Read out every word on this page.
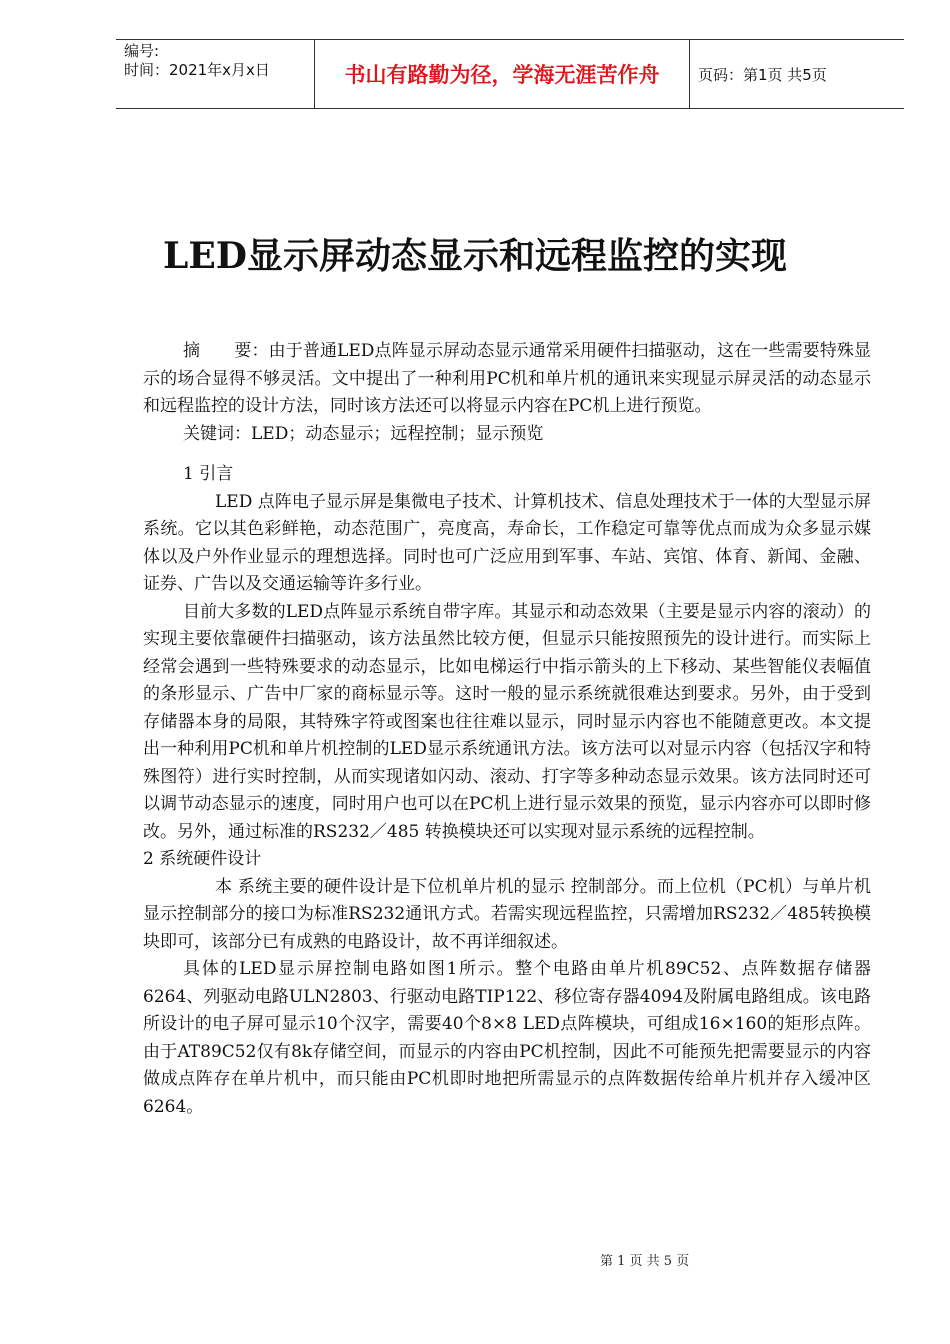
编号:
时间：2021年x月x日	书山有路勤为径，学海无涯苦作舟	页码：第1页 共5页
LED显示屏动态显示和远程监控的实现

摘　　要：由于普通LED点阵显示屏动态显示通常采用硬件扫描驱动，这在一些需要特殊显示的场合显得不够灵活。文中提出了一种利用PC机和单片机的通讯来实现显示屏灵活的动态显示和远程监控的设计方法，同时该方法还可以将显示内容在PC机上进行预览。

关键词：LED；动态显示；远程控制；显示预览

1 引言

LED 点阵电子显示屏是集微电子技术、计算机技术、信息处理技术于一体的大型显示屏系统。它以其色彩鲜艳，动态范围广，亮度高，寿命长，工作稳定可靠等优点而成为众多显示媒体以及户外作业显示的理想选择。同时也可广泛应用到军事、车站、宾馆、体育、新闻、金融、证券、广告以及交通运输等许多行业。

目前大多数的LED点阵显示系统自带字库。其显示和动态效果（主要是显示内容的滚动）的实现主要依靠硬件扫描驱动，该方法虽然比较方便，但显示只能按照预先的设计进行。而实际上经常会遇到一些特殊要求的动态显示，比如电梯运行中指示箭头的上下移动、某些智能仪表幅值的条形显示、广告中厂家的商标显示等。这时一般的显示系统就很难达到要求。另外，由于受到存储器本身的局限，其特殊字符或图案也往往难以显示，同时显示内容也不能随意更改。本文提出一种利用PC机和单片机控制的LED显示系统通讯方法。该方法可以对显示内容（包括汉字和特殊图符）进行实时控制，从而实现诸如闪动、滚动、打字等多种动态显示效果。该方法同时还可以调节动态显示的速度，同时用户也可以在PC机上进行显示效果的预览，显示内容亦可以即时修改。另外，通过标准的RS232／485 转换模块还可以实现对显示系统的远程控制。

2 系统硬件设计

本 系统主要的硬件设计是下位机单片机的显示 控制部分。而上位机（PC机）与单片机显示控制部分的接口为标准RS232通讯方式。若需实现远程监控，只需增加RS232／485转换模块即可，该部分已有成熟的电路设计，故不再详细叙述。

具体的LED显示屏控制电路如图1所示。整个电路由单片机89C52、点阵数据存储器6264、列驱动电路ULN2803、行驱动电路TIP122、移位寄存器4094及附属电路组成。该电路所设计的电子屏可显示10个汉字，需要40个8×8 LED点阵模块，可组成16×160的矩形点阵。由于AT89C52仅有8k存储空间，而显示的内容由PC机控制，因此不可能预先把需要显示的内容做成点阵存在单片机中，而只能由PC机即时地把所需显示的点阵数据传给单片机并存入缓冲区6264。

第 1 页 共 5 页
